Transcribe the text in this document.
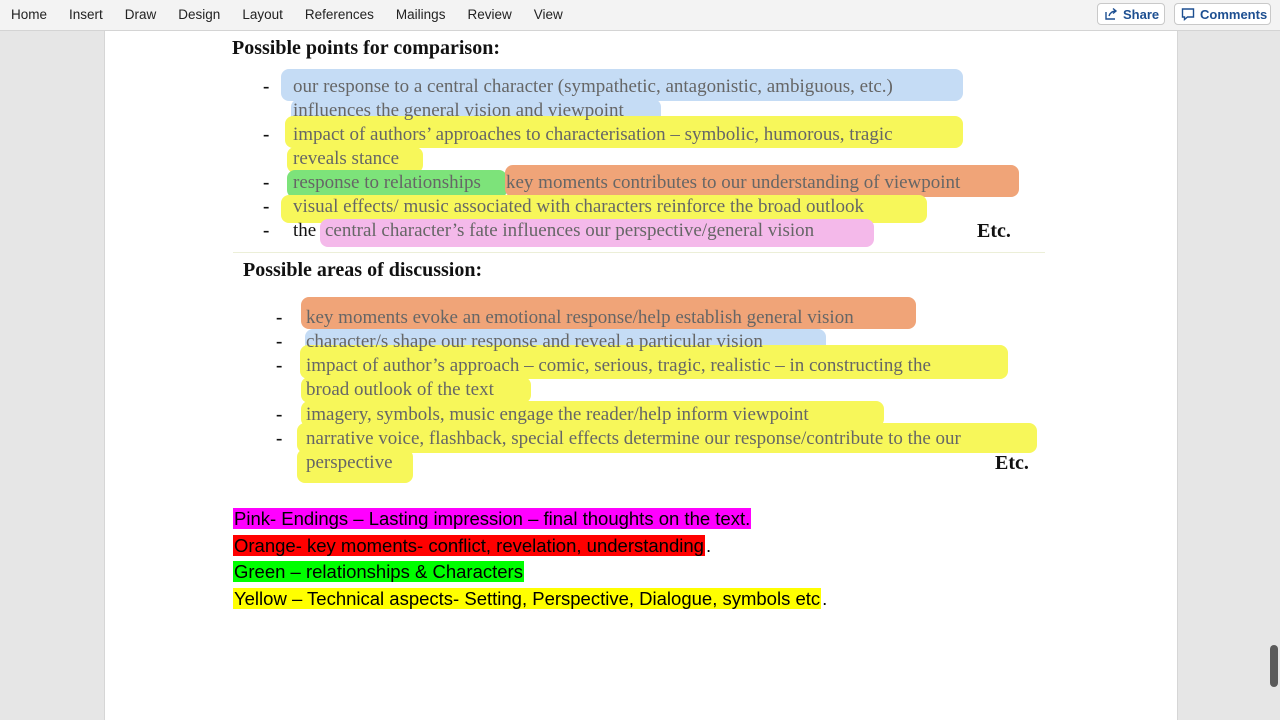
Home	Insert	Draw	Design	Layout	References	Mailings	Review	View	Share	Comments
Possible points for comparison:
-
-
-
-
-
our response to a central character (sympathetic, antagonistic, ambiguous, etc.)
influences the general vision and viewpoint
impact of authors’ approaches to characterisation – symbolic, humorous, tragic
reveals stance
response to relationships key moments contributes to our understanding of viewpoint
visual effects/ music associated with characters reinforce the broad outlook
the central character’s fate influences our perspective/general vision	Etc.
Possible areas of discussion:
-
-
-
-
-
key moments evoke an emotional response/help establish general vision
character/s shape our response and reveal a particular vision
impact of author’s approach – comic, serious, tragic, realistic – in constructing the
broad outlook of the text
imagery, symbols, music engage the reader/help inform viewpoint
narrative voice, flashback, special effects determine our response/contribute to the our
perspective	Etc.
Pink- Endings – Lasting impression – final thoughts on the text.
Orange- key moments- conflict, revelation, understanding .
Green – relationships & Characters
Yellow – Technical aspects- Setting, Perspective, Dialogue, symbols etc .
